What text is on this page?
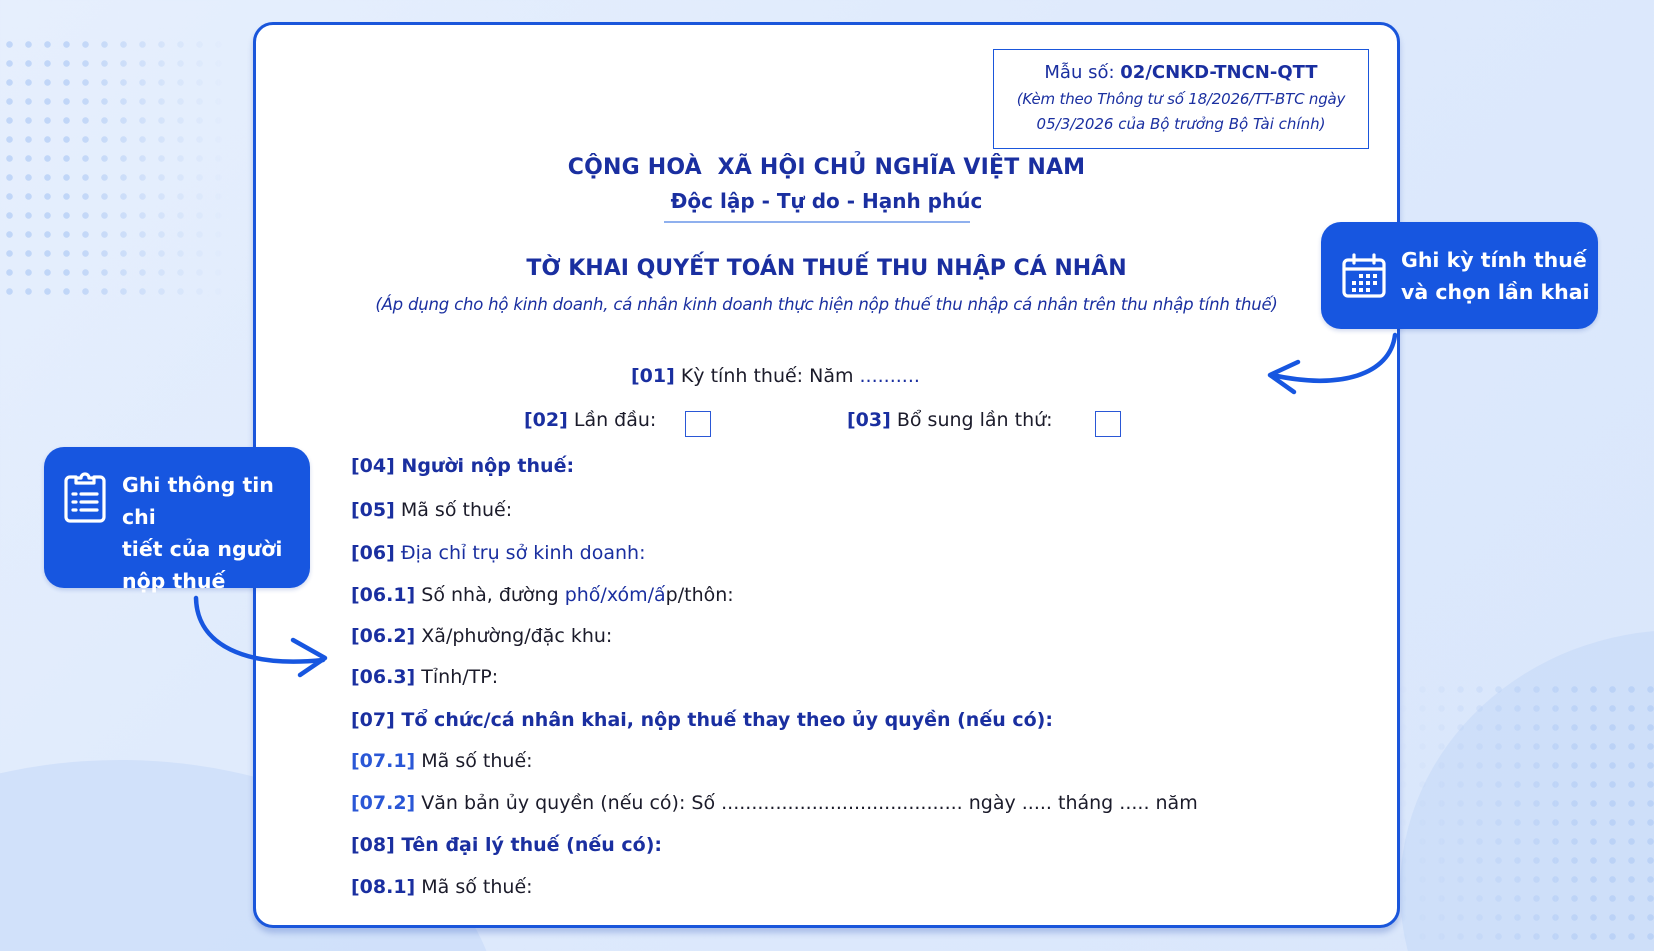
Mẫu số: 02/CNKD-TNCN-QTT
(Kèm theo Thông tư số 18/2026/TT-BTC ngày
05/3/2026 của Bộ trưởng Bộ Tài chính)
CỘNG HOÀ  XÃ HỘI CHỦ NGHĨA VIỆT NAM
Độc lập - Tự do - Hạnh phúc
TỜ KHAI QUYẾT TOÁN THUẾ THU NHẬP CÁ NHÂN
(Áp dụng cho hộ kinh doanh, cá nhân kinh doanh thực hiện nộp thuế thu nhập cá nhân trên thu nhập tính thuế)
[01] Kỳ tính thuế: Năm ..........
[02] Lần đầu:	[03] Bổ sung lần thứ:
[04] Người nộp thuế:
[05] Mã số thuế:
[06] Địa chỉ trụ sở kinh doanh:
[06.1] Số nhà, đường phố/xóm/ấp/thôn:
[06.2] Xã/phường/đặc khu:
[06.3] Tỉnh/TP:
[07] Tổ chức/cá nhân khai, nộp thuế thay theo ủy quyền (nếu có):
[07.1] Mã số thuế:
[07.2] Văn bản ủy quyền (nếu có): Số ........................................ ngày ..... tháng ..... năm
[08] Tên đại lý thuế (nếu có):
[08.1] Mã số thuế:
Ghi kỳ tính thuế
và chọn lần khai
Ghi thông tin chi
tiết của người
nộp thuế
